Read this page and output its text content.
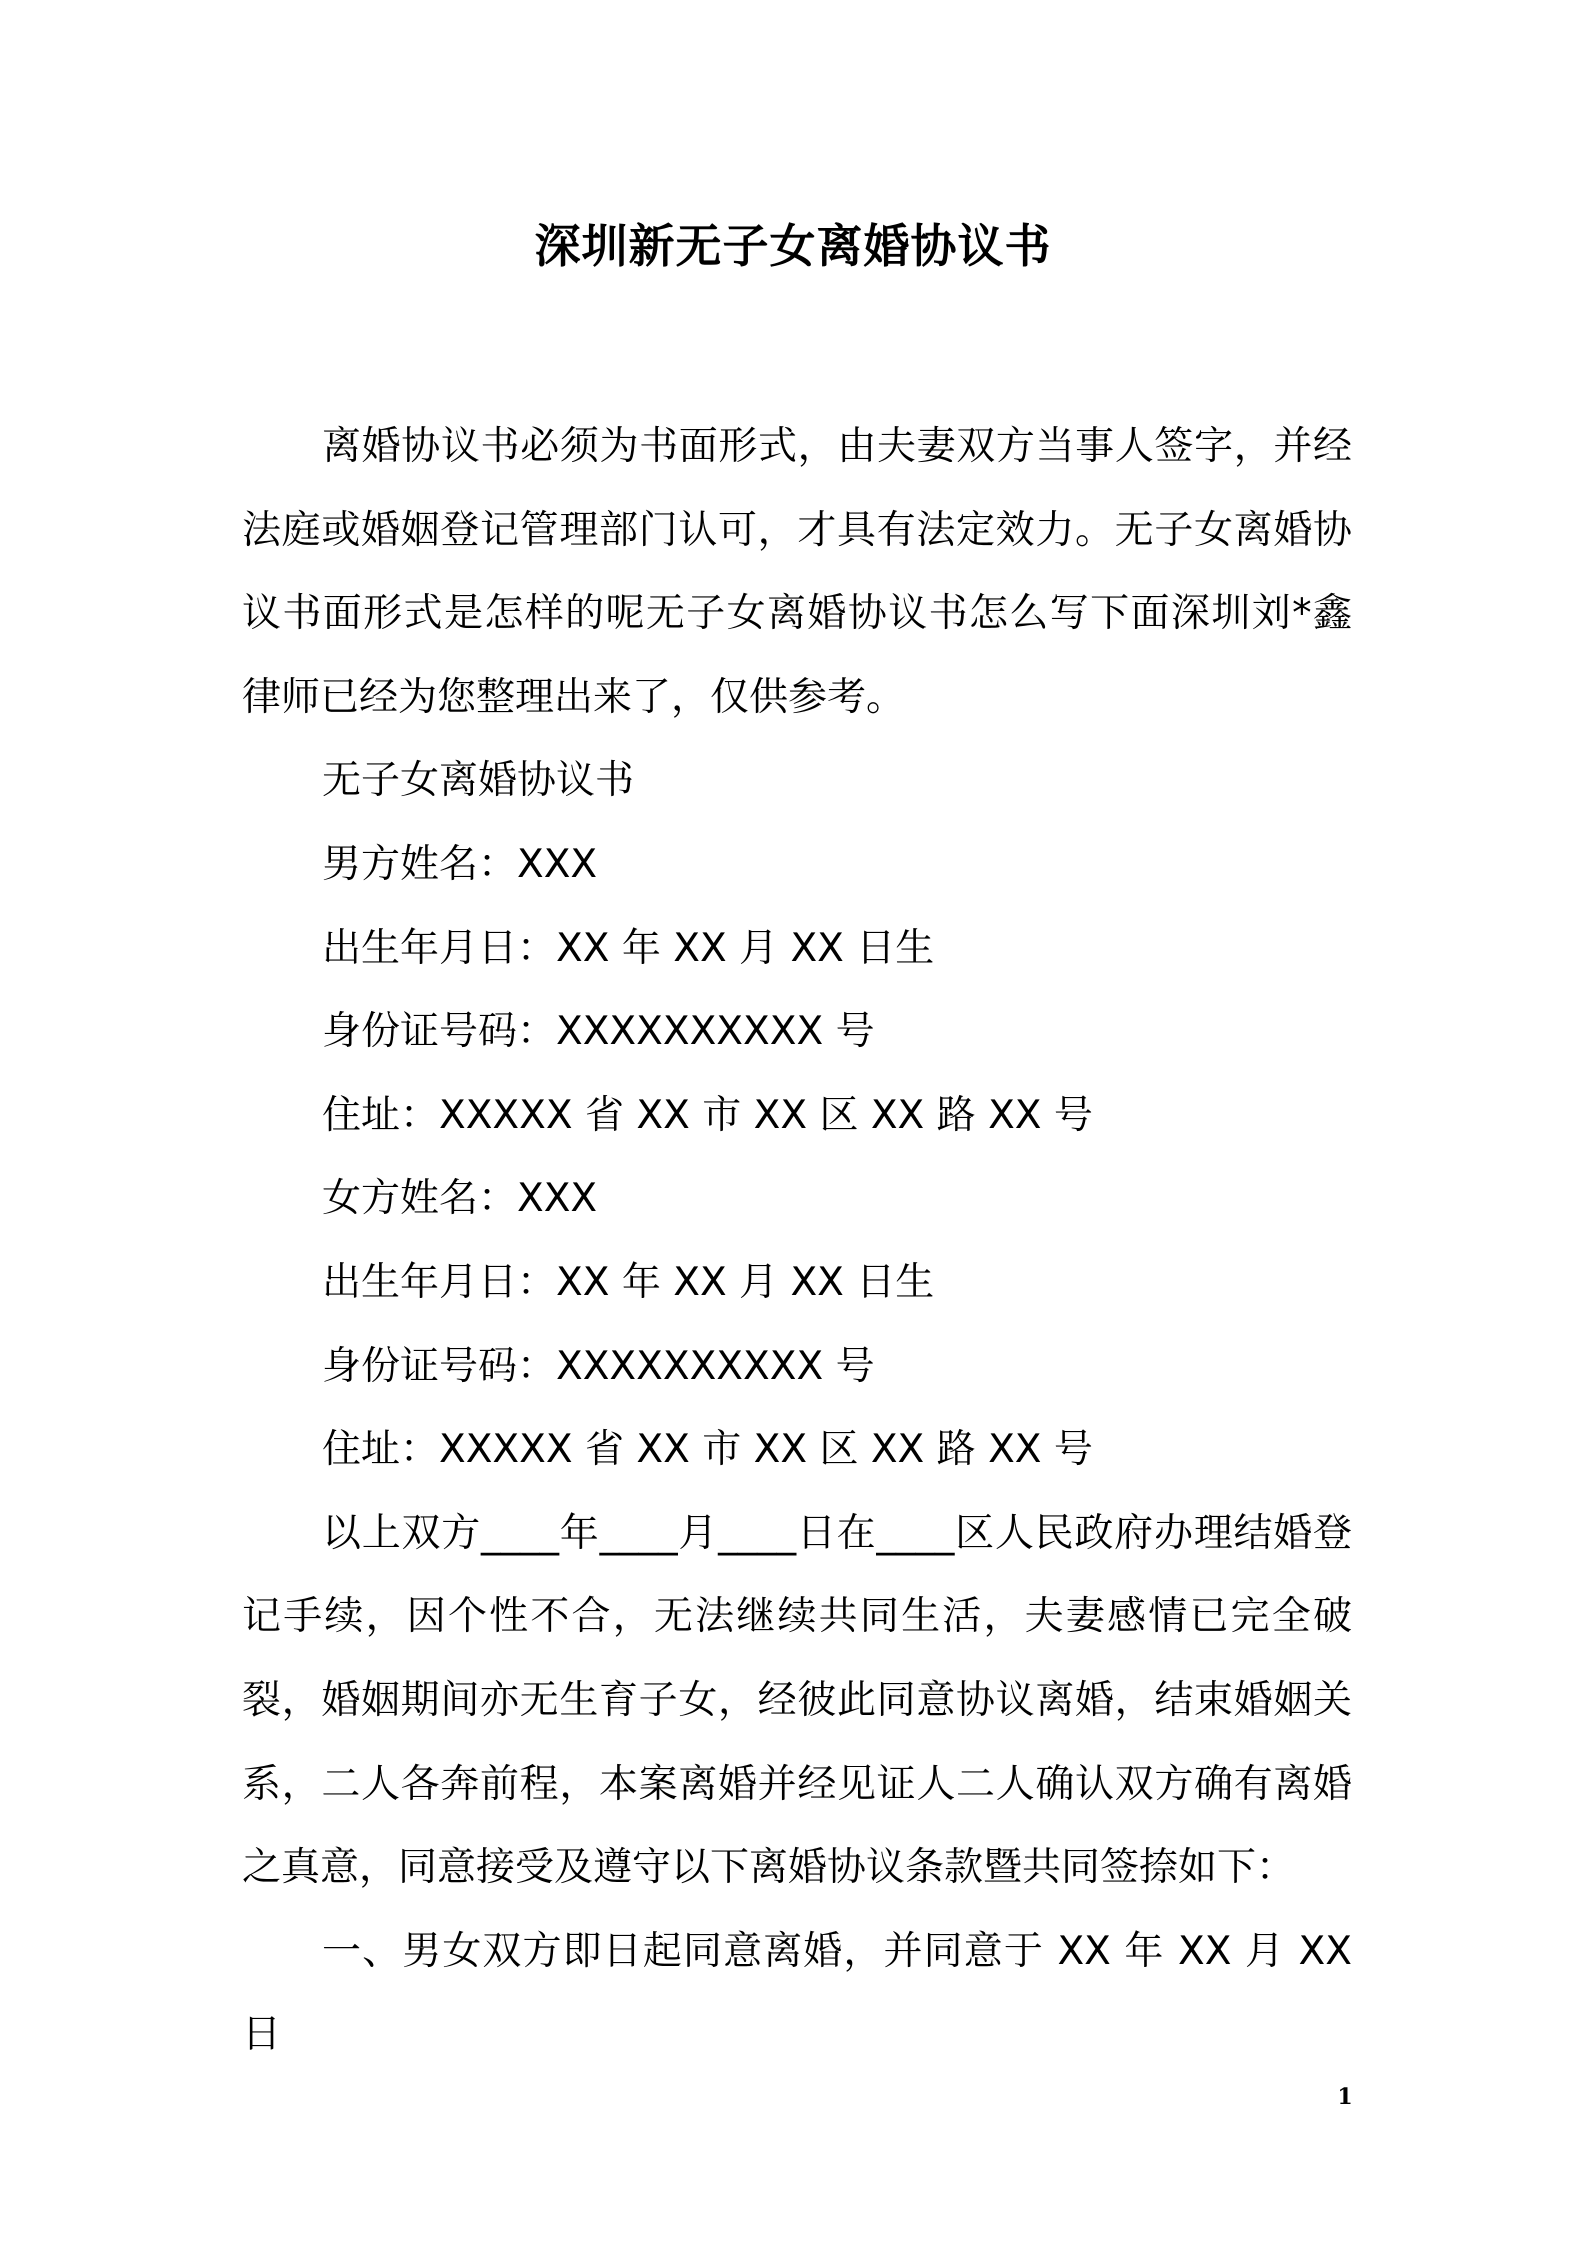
深圳新无子女离婚协议书

离婚协议书必须为书面形式，由夫妻双方当事人签字，并经法庭或婚姻登记管理部门认可，才具有法定效力。无子女离婚协议书面形式是怎样的呢无子女离婚协议书怎么写下面深圳刘*鑫律师已经为您整理出来了，仅供参考。

无子女离婚协议书

男方姓名：XXX

出生年月日：XX 年 XX 月 XX 日生

身份证号码：XXXXXXXXXX 号

住址：XXXXX 省 XX 市 XX 区 XX 路 XX 号

女方姓名：XXX

出生年月日：XX 年 XX 月 XX 日生

身份证号码：XXXXXXXXXX 号

住址：XXXXX 省 XX 市 XX 区 XX 路 XX 号

以上双方____年____月____日在____区人民政府办理结婚登记手续，因个性不合，无法继续共同生活，夫妻感情已完全破裂，婚姻期间亦无生育子女，经彼此同意协议离婚，结束婚姻关系，二人各奔前程，本案离婚并经见证人二人确认双方确有离婚之真意，同意接受及遵守以下离婚协议条款暨共同签捺如下：

一、男女双方即日起同意离婚，并同意于 XX 年 XX 月 XX 日

1
